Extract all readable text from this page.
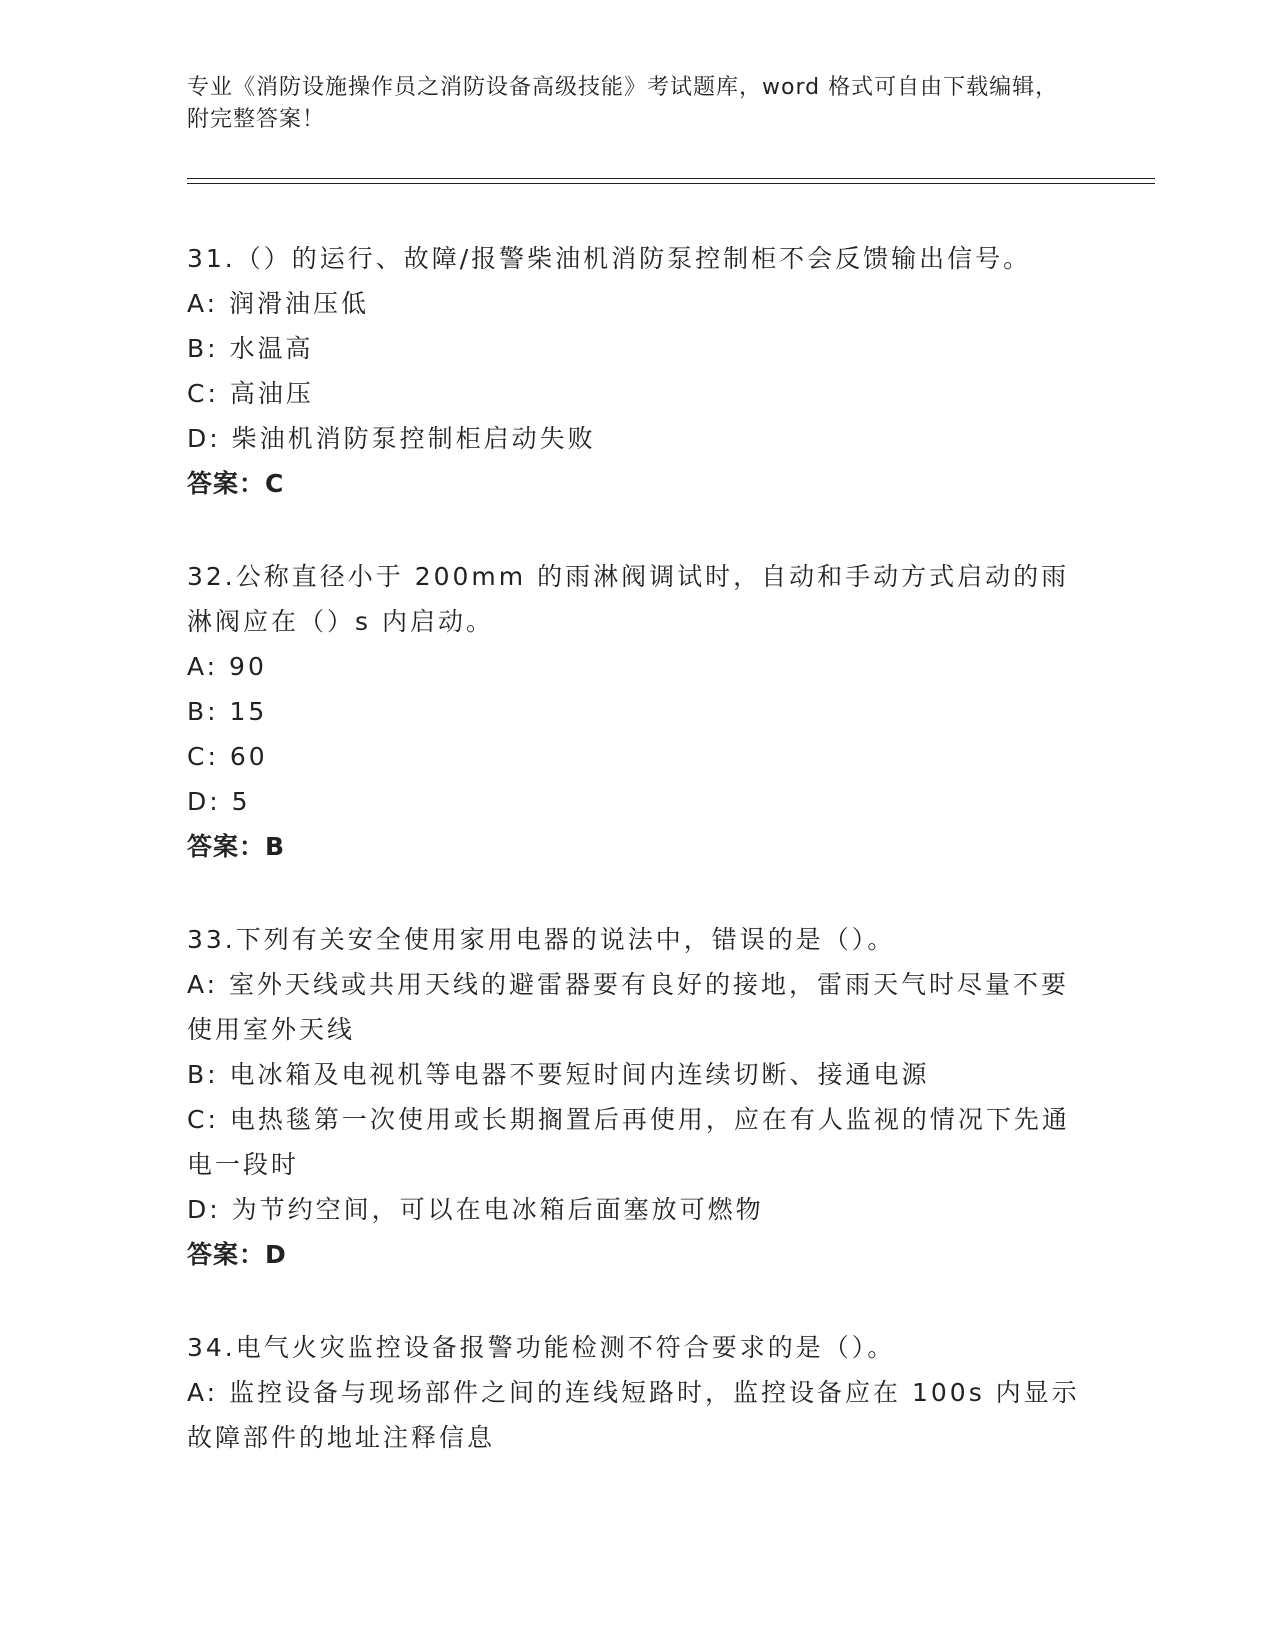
专业《消防设施操作员之消防设备高级技能》考试题库，word 格式可自由下载编辑，附完整答案！
31.（）的运行、故障/报警柴油机消防泵控制柜不会反馈输出信号。
A: 润滑油压低
B: 水温高
C: 高油压
D: 柴油机消防泵控制柜启动失败
答案：C
32.公称直径小于 200mm 的雨淋阀调试时，自动和手动方式启动的雨淋阀应在（）s 内启动。
A: 90
B: 15
C: 60
D: 5
答案：B
33.下列有关安全使用家用电器的说法中，错误的是（）。
A: 室外天线或共用天线的避雷器要有良好的接地，雷雨天气时尽量不要使用室外天线
B: 电冰箱及电视机等电器不要短时间内连续切断、接通电源
C: 电热毯第一次使用或长期搁置后再使用，应在有人监视的情况下先通电一段时
D: 为节约空间，可以在电冰箱后面塞放可燃物
答案：D
34.电气火灾监控设备报警功能检测不符合要求的是（）。
A: 监控设备与现场部件之间的连线短路时，监控设备应在 100s 内显示故障部件的地址注释信息
